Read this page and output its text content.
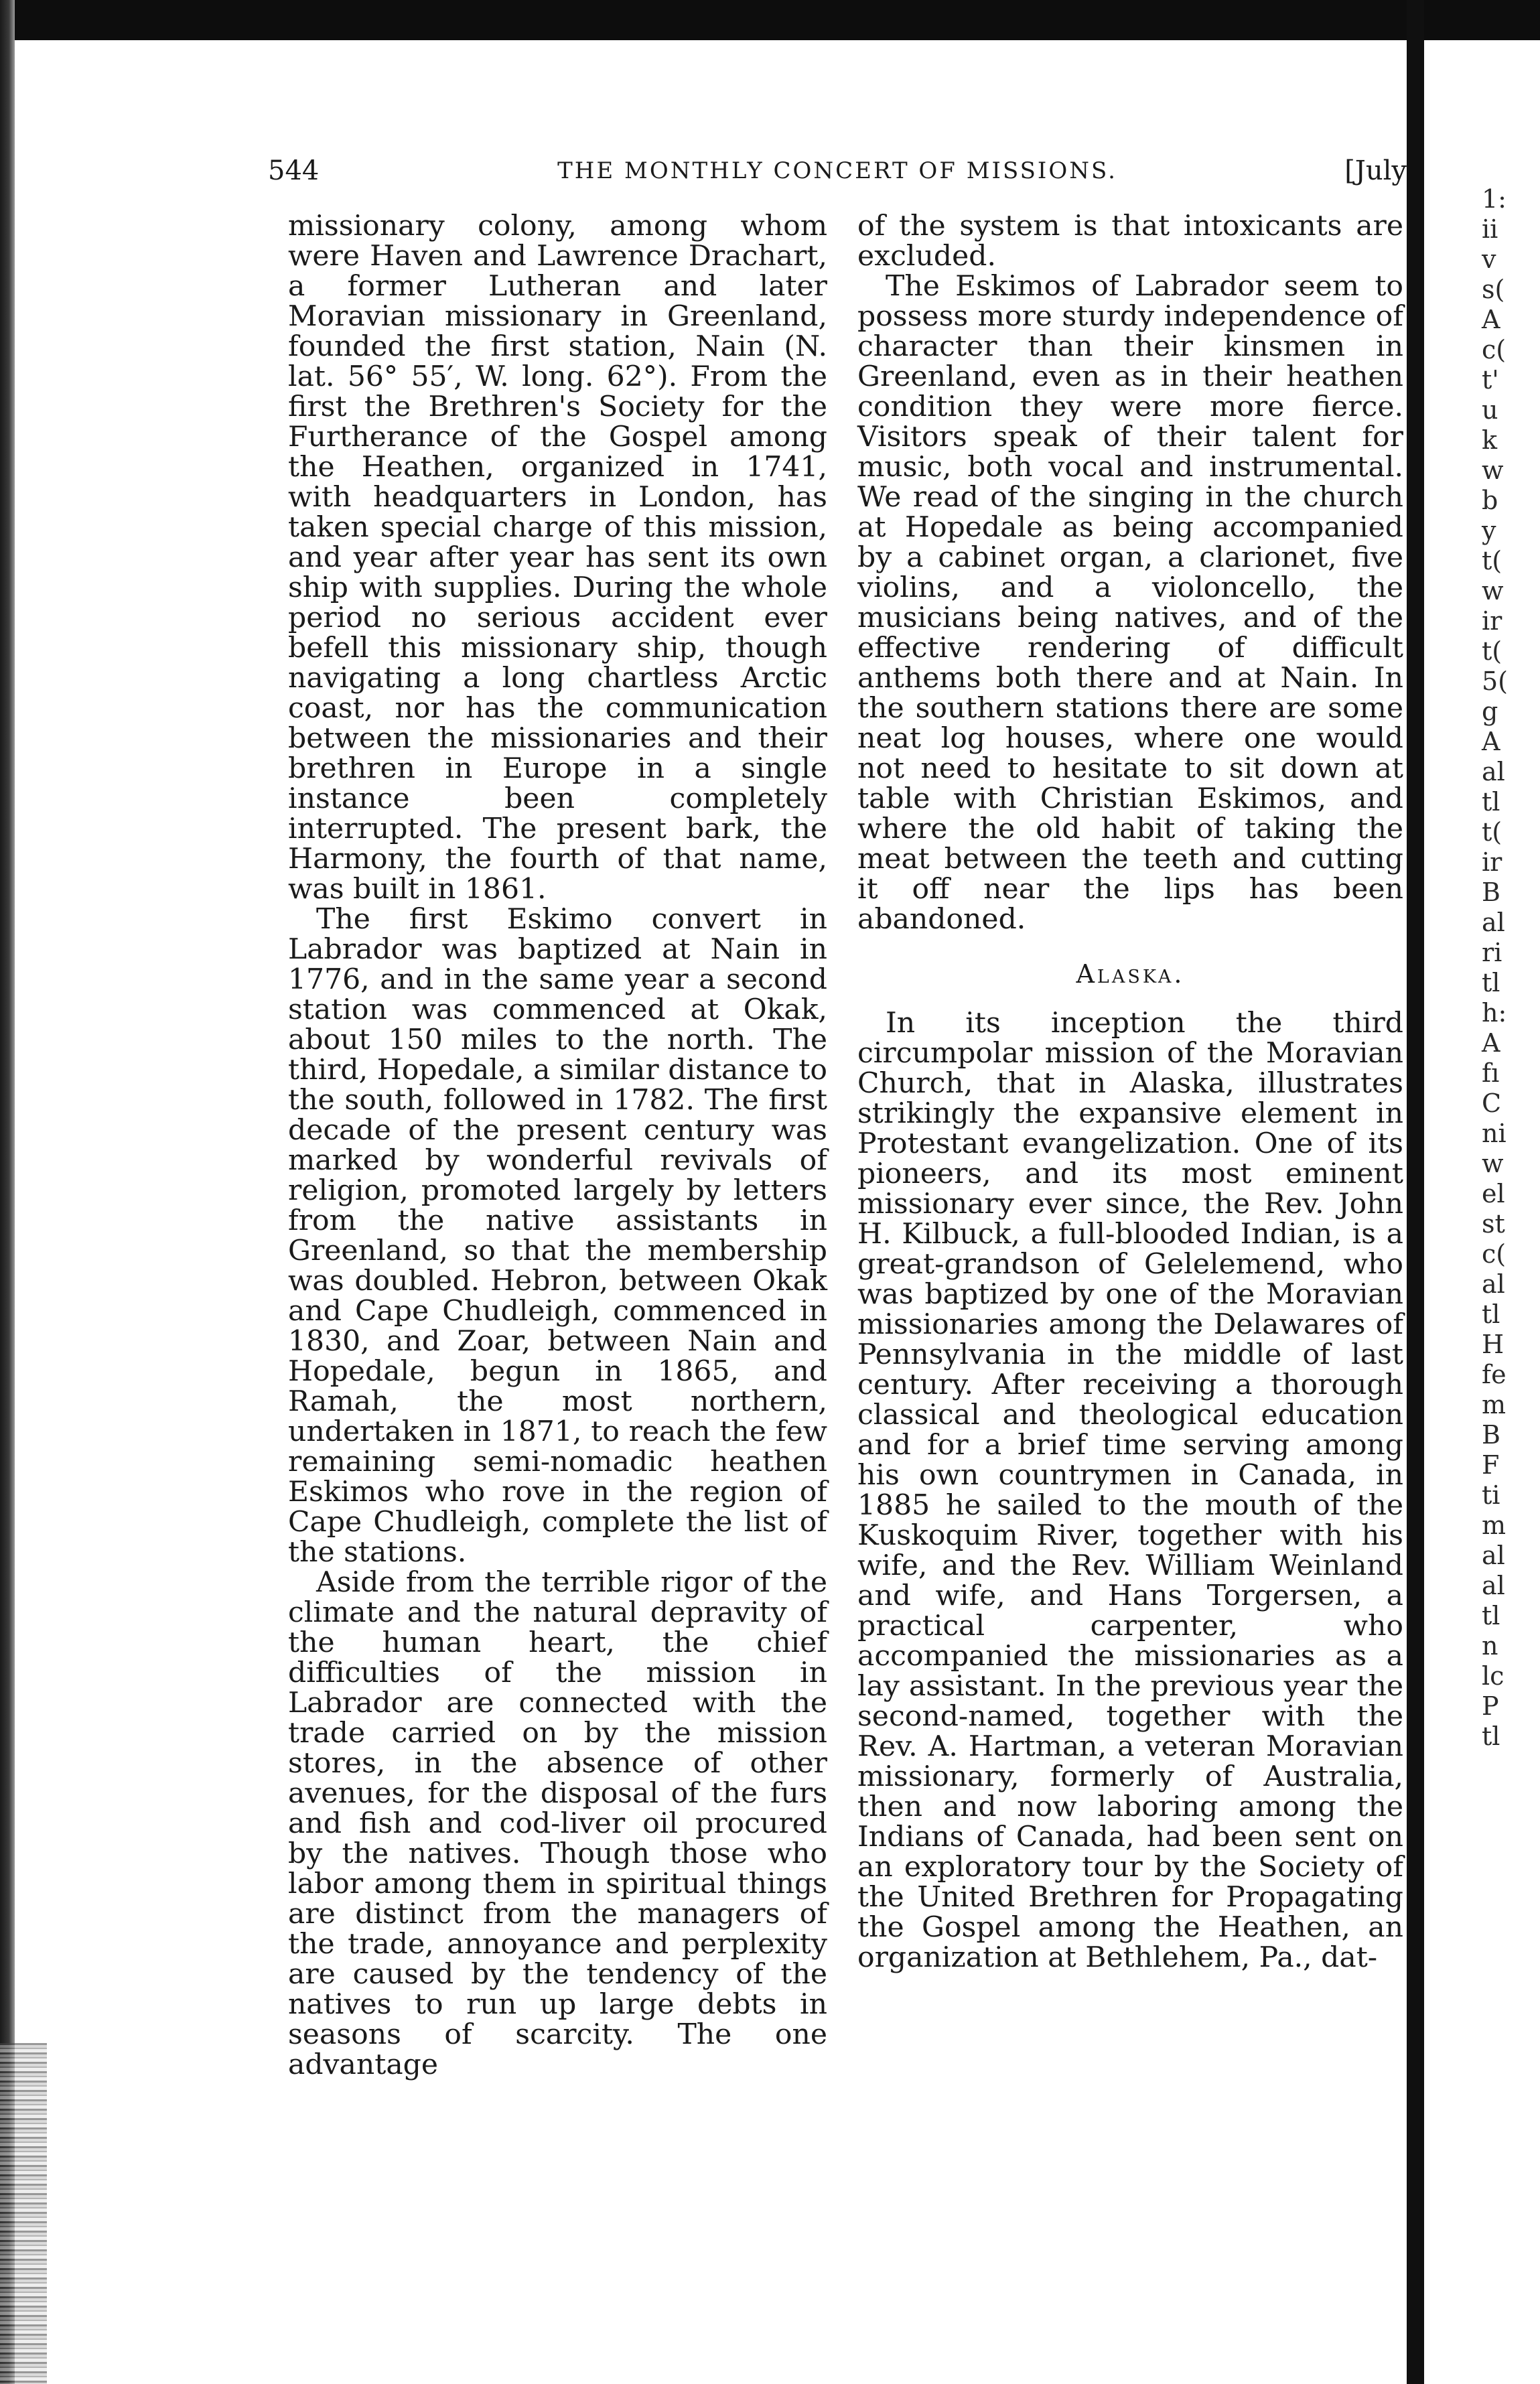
544	THE MONTHLY CONCERT OF MISSIONS.	[July

missionary colony, among whom were Haven and Lawrence Drachart, a former Lutheran and later Moravian missionary in Greenland, founded the first station, Nain (N. lat. 56° 55′, W. long. 62°). From the first the Brethren's Society for the Furtherance of the Gospel among the Heathen, organized in 1741, with headquarters in London, has taken special charge of this mission, and year after year has sent its own ship with supplies. During the whole period no serious accident ever befell this missionary ship, though navigating a long chartless Arctic coast, nor has the communication between the missionaries and their brethren in Europe in a single instance been completely interrupted. The present bark, the Harmony, the fourth of that name, was built in 1861.

The first Eskimo convert in Labrador was baptized at Nain in 1776, and in the same year a second station was commenced at Okak, about 150 miles to the north. The third, Hopedale, a similar distance to the south, followed in 1782. The first decade of the present century was marked by wonderful revivals of religion, promoted largely by letters from the native assistants in Greenland, so that the membership was doubled. Hebron, between Okak and Cape Chudleigh, commenced in 1830, and Zoar, between Nain and Hopedale, begun in 1865, and Ramah, the most northern, undertaken in 1871, to reach the few remaining semi-nomadic heathen Eskimos who rove in the region of Cape Chudleigh, complete the list of the stations.

Aside from the terrible rigor of the climate and the natural depravity of the human heart, the chief difficulties of the mission in Labrador are connected with the trade carried on by the mission stores, in the absence of other avenues, for the disposal of the furs and fish and cod-liver oil procured by the natives. Though those who labor among them in spiritual things are distinct from the managers of the trade, annoyance and perplexity are caused by the tendency of the natives to run up large debts in seasons of scarcity. The one advantage

of the system is that intoxicants are excluded.

The Eskimos of Labrador seem to possess more sturdy independence of character than their kinsmen in Greenland, even as in their heathen condition they were more fierce. Visitors speak of their talent for music, both vocal and instrumental. We read of the singing in the church at Hopedale as being accompanied by a cabinet organ, a clarionet, five violins, and a violoncello, the musicians being natives, and of the effective rendering of difficult anthems both there and at Nain. In the southern stations there are some neat log houses, where one would not need to hesitate to sit down at table with Christian Eskimos, and where the old habit of taking the meat between the teeth and cutting it off near the lips has been abandoned.

Alaska.

In its inception the third circumpolar mission of the Moravian Church, that in Alaska, illustrates strikingly the expansive element in Protestant evangelization. One of its pioneers, and its most eminent missionary ever since, the Rev. John H. Kilbuck, a full-blooded Indian, is a great-grandson of Gelelemend, who was baptized by one of the Moravian missionaries among the Delawares of Pennsylvania in the middle of last century. After receiving a thorough classical and theological education and for a brief time serving among his own countrymen in Canada, in 1885 he sailed to the mouth of the Kuskoquim River, together with his wife, and the Rev. William Weinland and wife, and Hans Torgersen, a practical carpenter, who accompanied the missionaries as a lay assistant. In the previous year the second-named, together with the Rev. A. Hartman, a veteran Moravian missionary, formerly of Australia, then and now laboring among the Indians of Canada, had been sent on an exploratory tour by the Society of the United Brethren for Propagating the Gospel among the Heathen, an organization at Bethlehem, Pa., dat-

1:
ii
v
s(
A
c(
t'
u
k
w
b
y
t(
w
ir
t(
5(
g
A
al
tl
t(
ir
B
al
ri
tl
h:
A
fı
C
ni
w
el
st
c(
al
tl
H
fe
m
B
F
ti
m
al
al
tl
n
lc
P
tl
